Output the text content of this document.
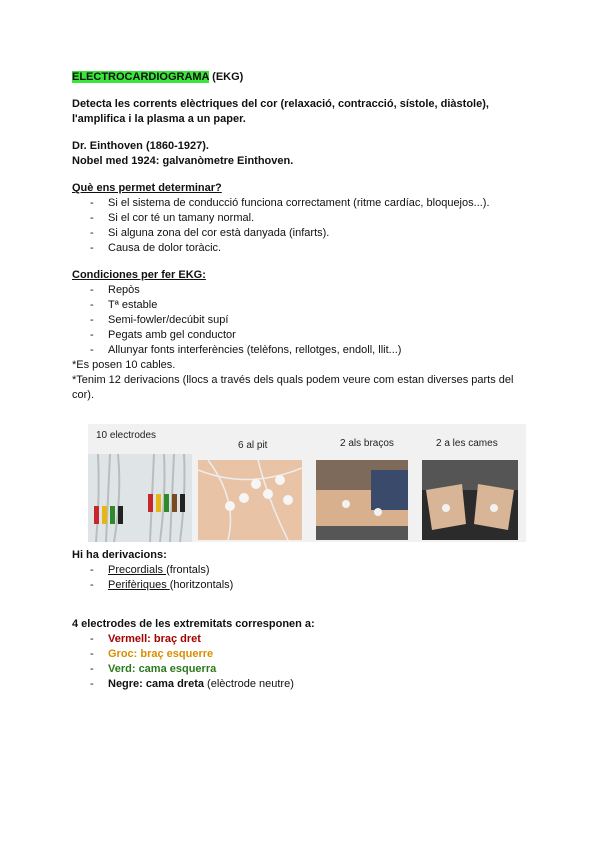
ELECTROCARDIOGRAMA (EKG)
Detecta les corrents elèctriques del cor (relaxació, contracció, sístole, diàstole),
l'amplifica i la plasma a un paper.
Dr. Einthoven (1860-1927).
Nobel med 1924: galvanòmetre Einthoven.
Què ens permet determinar?
- Si el sistema de conducció funciona correctament (ritme cardíac, bloquejos...).
- Si el cor té un tamany normal.
- Si alguna zona del cor està danyada (infarts).
- Causa de dolor toràcic.
Condiciones per fer EKG:
- Repòs
- Tª estable
- Semi-fowler/decúbit supí
- Pegats amb gel conductor
- Allunyar fonts interferències (telèfons, rellotges, endoll, llit...)
*Es posen 10 cables.
*Tenim 12 derivacions (llocs a través dels quals podem veure com estan diverses parts del
cor).
10 electrodes
6 al pit	2 als braços	2 a les cames
Hi ha derivacions:
- Precordials (frontals)
- Perifèriques (horitzontals)
4 electrodes de les extremitats corresponen a:
- Vermell: braç dret
- Groc: braç esquerre
- Verd: cama esquerra
- Negre: cama dreta (elèctrode neutre)
